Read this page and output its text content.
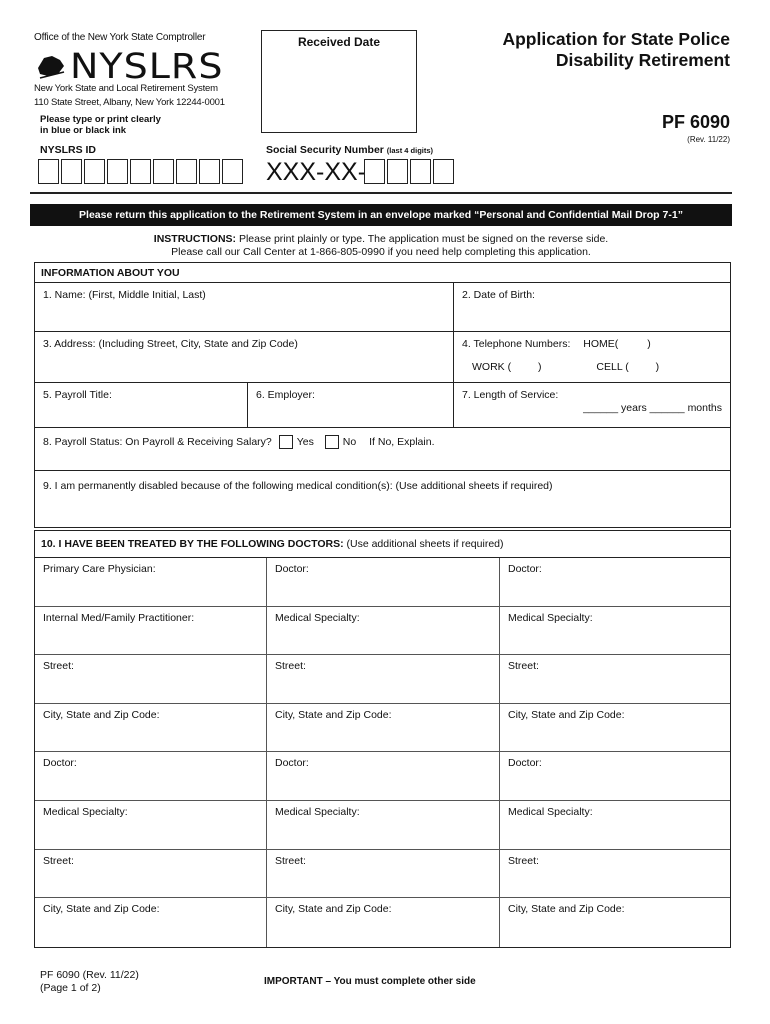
Office of the New York State Comptroller
NYSLRS
New York State and Local Retirement System
110 State Street, Albany, New York 12244-0001
Please type or print clearly
in blue or black ink
Received Date	Application for State Police
Disability Retirement
PF 6090
(Rev. 11/22)
NYSLRS ID	Social Security Number (last 4 digits)
XXX-XX-
Please return this application to the Retirement System in an envelope marked “Personal and Confidential Mail Drop 7-1”
INSTRUCTIONS: Please print plainly or type. The application must be signed on the reverse side.
Please call our Call Center at 1-866-805-0990 if you need help completing this application.
INFORMATION ABOUT YOU
1. Name: (First, Middle Initial, Last)	2. Date of Birth:
3. Address: (Including Street, City, State and Zip Code)	4. Telephone Numbers: HOME(	)
WORK (	)	CELL (	)
5. Payroll Title:	6. Employer:	7. Length of Service:
______ years ______ months
8. Payroll Status: On Payroll & Receiving Salary? Yes	No If No, Explain.
9. I am permanently disabled because of the following medical condition(s): (Use additional sheets if required)
10. I HAVE BEEN TREATED BY THE FOLLOWING DOCTORS: (Use additional sheets if required)
Primary Care Physician:	Doctor:	Doctor:
Internal Med/Family Practitioner:	Medical Specialty:	Medical Specialty:
Street:	Street:	Street:
City, State and Zip Code:	City, State and Zip Code:	City, State and Zip Code:
Doctor:	Doctor:	Doctor:
Medical Specialty:	Medical Specialty:	Medical Specialty:
Street:	Street:	Street:
City, State and Zip Code:	City, State and Zip Code:	City, State and Zip Code:
PF 6090 (Rev. 11/22)
(Page 1 of 2)
IMPORTANT – You must complete other side
